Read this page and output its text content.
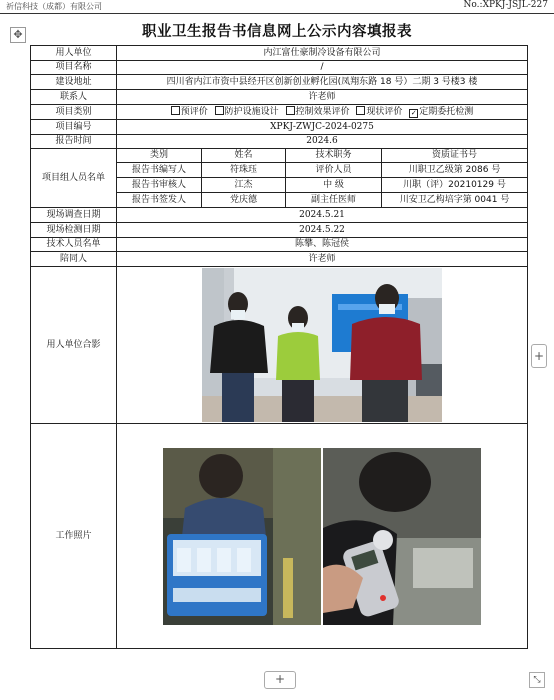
祈信科技（成都）有限公司	No.:XPKJ-JSJL-227
✥	职业卫生报告书信息网上公示内容填报表
用人单位	内江富仕豪制冷设备有限公司			
项目名称	/			
建设地址	四川省内江市资中县经开区创新创业孵化园(凤翔东路 18 号）二期 3 号楼3 楼			
联系人	许老师			
项目类别	预评价 防护设施设计 控制效果评价 现状评价 ✓ 定期委托检测			
项目编号	XPKJ-ZWJC-2024-0275			
报告时间	2024.6			
项目组人员名单	类别	姓名	技术职务	资质证书号
	报告书编写人	符珠珏	评价人员	川职卫乙级第 2086 号
	报告书审核人	江杰	中 级	川职（评）20210129 号
	报告书签发人	党庆德	副主任医师	川安卫乙构培字第 0041 号
现场调查日期	2024.5.21			
现场检测日期	2024.5.22			
技术人员名单	陈攀、陈冠侯			
陪同人	许老师			
用人单位合影	

工作照片	
+
+	⤡
